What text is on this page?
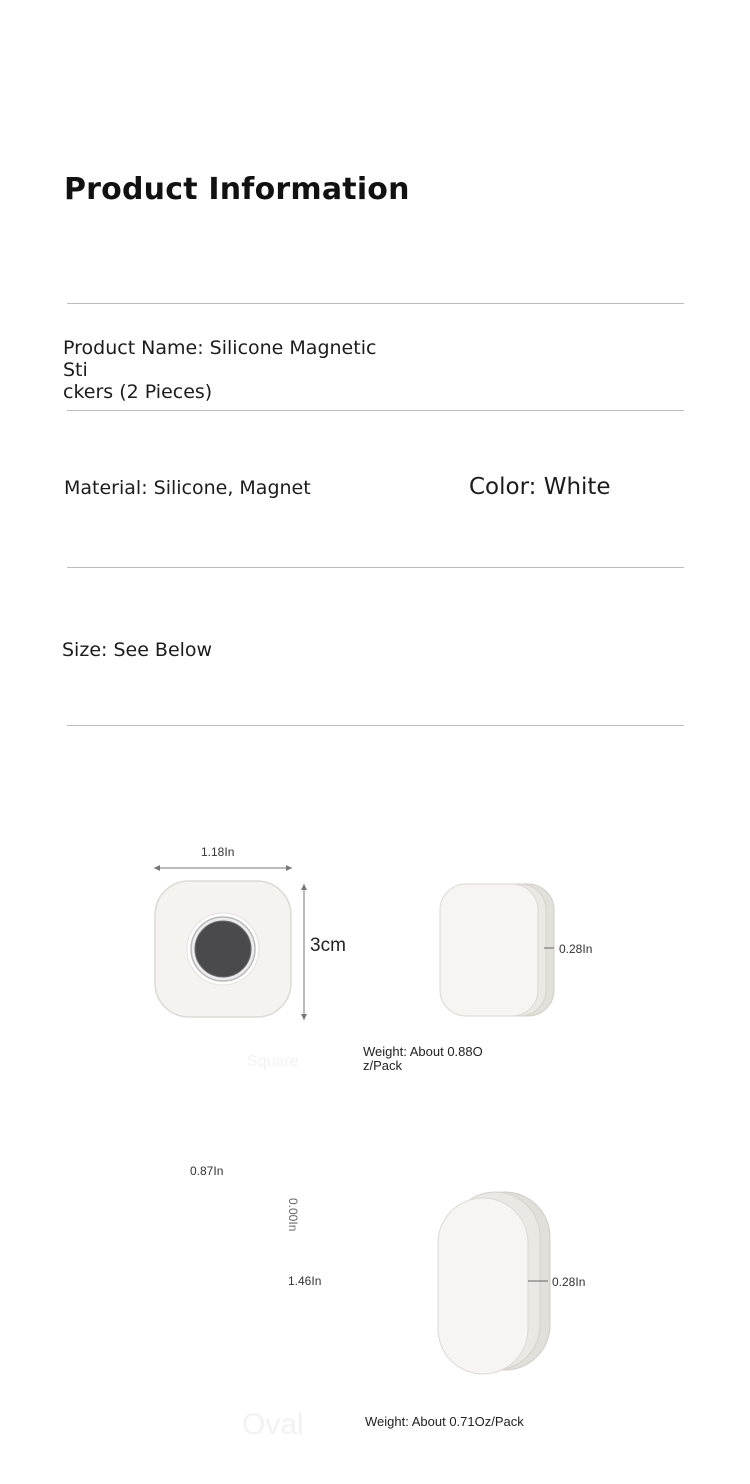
Product Information
Product Name: Silicone Magnetic Sti
ckers (2 Pieces)
Material: Silicone, Magnet	Color: White
Size: See Below
1.18In
3cm	0.28In
Square
Weight: About 0.88O
z/Pack
0.87In
0.00In
1.46In	0.28In
Oval	Weight: About 0.71Oz/Pack
